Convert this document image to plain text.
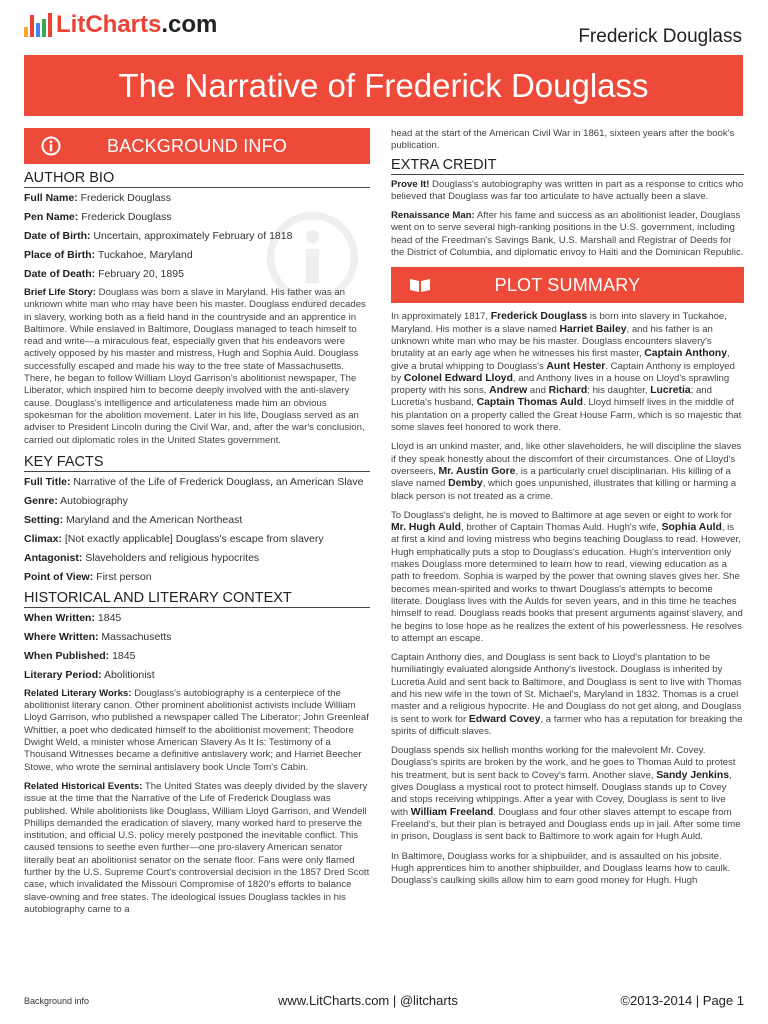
LitCharts.com	Frederick Douglass
The Narrative of Frederick Douglass
BACKGROUND INFO
AUTHOR BIO

Full Name: Frederick Douglass

Pen Name: Frederick Douglass

Date of Birth: Uncertain, approximately February of 1818

Place of Birth: Tuckahoe, Maryland

Date of Death: February 20, 1895

Brief Life Story: Douglass was born a slave in Maryland. His father was an unknown white man who may have been his master. Douglass endured decades in slavery, working both as a field hand in the countryside and an apprentice in Baltimore. While enslaved in Baltimore, Douglass managed to teach himself to read and write—a miraculous feat, especially given that his endeavors were actively opposed by his master and mistress, Hugh and Sophia Auld. Douglass successfully escaped and made his way to the free state of Massachusetts. There, he began to follow William Lloyd Garrison's abolitionist newspaper, The Liberator, which inspired him to become deeply involved with the anti-slavery cause. Douglass's intelligence and articulateness made him an obvious spokesman for the abolition movement. Later in his life, Douglass served as an adviser to President Lincoln during the Civil War, and, after the war's conclusion, carried out diplomatic roles in the United States government.

KEY FACTS

Full Title: Narrative of the Life of Frederick Douglass, an American Slave

Genre: Autobiography

Setting: Maryland and the American Northeast

Climax: [Not exactly applicable] Douglass's escape from slavery

Antagonist: Slaveholders and religious hypocrites

Point of View: First person

HISTORICAL AND LITERARY CONTEXT

When Written: 1845

Where Written: Massachusetts

When Published: 1845

Literary Period: Abolitionist

Related Literary Works: Douglass's autobiography is a centerpiece of the abolitionist literary canon. Other prominent abolitionist activists include William Lloyd Garrison, who published a newspaper called The Liberator; John Greenleaf Whittier, a poet who dedicated himself to the abolitionist movement; Theodore Dwight Weld, a minister whose American Slavery As It Is: Testimony of a Thousand Witnesses became a definitive antislavery work; and Harriet Beecher Stowe, who wrote the seminal antislavery book Uncle Tom's Cabin.

Related Historical Events: The United States was deeply divided by the slavery issue at the time that the Narrative of the Life of Frederick Douglass was published. While abolitionists like Douglass, William Lloyd Garrison, and Wendell Phillips demanded the eradication of slavery, many worked hard to preserve the institution, and official U.S. policy merely postponed the inevitable conflict. This caused tensions to seethe even further—one pro-slavery American senator literally beat an abolitionist senator on the senate floor. Fans were only flamed further by the U.S. Supreme Court's controversial decision in the 1857 Dred Scott case, which invalidated the Missouri Compromise of 1820's efforts to balance slave-owning and free states. The ideological issues Douglass tackles in his autobiography came to a

head at the start of the American Civil War in 1861, sixteen years after the book's publication.

EXTRA CREDIT

Prove It! Douglass's autobiography was written in part as a response to critics who believed that Douglass was far too articulate to have actually been a slave.

Renaissance Man: After his fame and success as an abolitionist leader, Douglass went on to serve several high-ranking positions in the U.S. government, including head of the Freedman's Savings Bank, U.S. Marshall and Registrar of Deeds for the District of Columbia, and diplomatic envoy to Haiti and the Dominican Republic.

PLOT SUMMARY

In approximately 1817, Frederick Douglass is born into slavery in Tuckahoe, Maryland. His mother is a slave named Harriet Bailey, and his father is an unknown white man who may be his master. Douglass encounters slavery's brutality at an early age when he witnesses his first master, Captain Anthony, give a brutal whipping to Douglass's Aunt Hester. Captain Anthony is employed by Colonel Edward Lloyd, and Anthony lives in a house on Lloyd's sprawling property with his sons, Andrew and Richard; his daughter, Lucretia; and Lucretia's husband, Captain Thomas Auld. Lloyd himself lives in the middle of his plantation on a property called the Great House Farm, which is so majestic that some slaves feel honored to work there.

Lloyd is an unkind master, and, like other slaveholders, he will discipline the slaves if they speak honestly about the discomfort of their circumstances. One of Lloyd's overseers, Mr. Austin Gore, is a particularly cruel disciplinarian. His killing of a slave named Demby, which goes unpunished, illustrates that killing or harming a black person is not treated as a crime.

To Douglass's delight, he is moved to Baltimore at age seven or eight to work for Mr. Hugh Auld, brother of Captain Thomas Auld. Hugh's wife, Sophia Auld, is at first a kind and loving mistress who begins teaching Douglass to read. However, Hugh emphatically puts a stop to Douglass's education. Hugh's intervention only makes Douglass more determined to learn how to read, viewing education as a path to freedom. Sophia is warped by the power that owning slaves gives her. She becomes mean-spirited and works to thwart Douglass's attempts to become literate. Douglass lives with the Aulds for seven years, and in this time he teaches himself to read. Douglass reads books that present arguments against slavery, and he begins to lose hope as he realizes the extent of his powerlessness. He resolves to attempt an escape.

Captain Anthony dies, and Douglass is sent back to Lloyd's plantation to be humiliatingly evaluated alongside Anthony's livestock. Douglass is inherited by Lucretia Auld and sent back to Baltimore, and Douglass is sent to live with Thomas and his new wife in the town of St. Michael's, Maryland in 1832. Thomas is a cruel master and a religious hypocrite. He and Douglass do not get along, and Douglass is sent to work for Edward Covey, a farmer who has a reputation for breaking the spirits of difficult slaves.

Douglass spends six hellish months working for the malevolent Mr. Covey. Douglass's spirits are broken by the work, and he goes to Thomas Auld to protest his treatment, but is sent back to Covey's farm. Another slave, Sandy Jenkins, gives Douglass a mystical root to protect himself. Douglass stands up to Covey and stops receiving whippings. After a year with Covey, Douglass is sent to live with William Freeland. Douglass and four other slaves attempt to escape from Freeland's, but their plan is betrayed and Douglass ends up in jail. After some time in prison, Douglass is sent back to Baltimore to work again for Hugh Auld.

In Baltimore, Douglass works for a shipbuilder, and is assaulted on his jobsite. Hugh apprentices him to another shipbuilder, and Douglass learns how to caulk. Douglass's caulking skills allow him to earn good money for Hugh. Hugh

Background info	www.LitCharts.com | @litcharts	©2013-2014 | Page 1
